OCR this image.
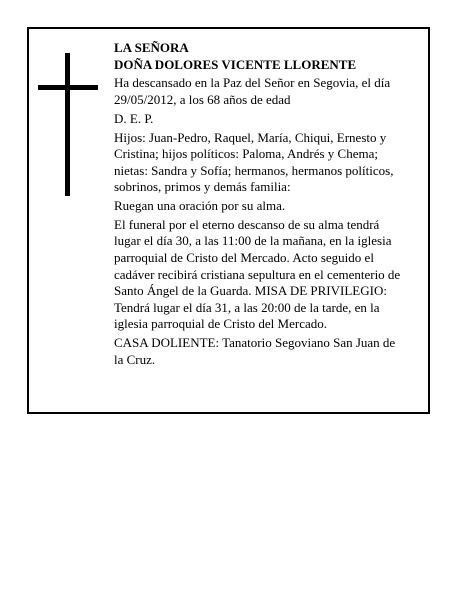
LA SEÑORA
DOÑA DOLORES VICENTE LLORENTE
Ha descansado en la Paz del Señor en Segovia, el día
29/05/2012, a los 68 años de edad
D. E. P.
Hijos: Juan-Pedro, Raquel, María, Chiqui, Ernesto y
Cristina; hijos políticos: Paloma, Andrés y Chema;
nietas: Sandra y Sofía; hermanos, hermanos políticos,
sobrinos, primos y demás familia:
Ruegan una oración por su alma.
El funeral por el eterno descanso de su alma tendrá
lugar el día 30, a las 11:00 de la mañana, en la iglesia
parroquial de Cristo del Mercado. Acto seguido el
cadáver recibirá cristiana sepultura en el cementerio de
Santo Ángel de la Guarda. MISA DE PRIVILEGIO:
Tendrá lugar el día 31, a las 20:00 de la tarde, en la
iglesia parroquial de Cristo del Mercado.
CASA DOLIENTE: Tanatorio Segoviano San Juan de
la Cruz.
